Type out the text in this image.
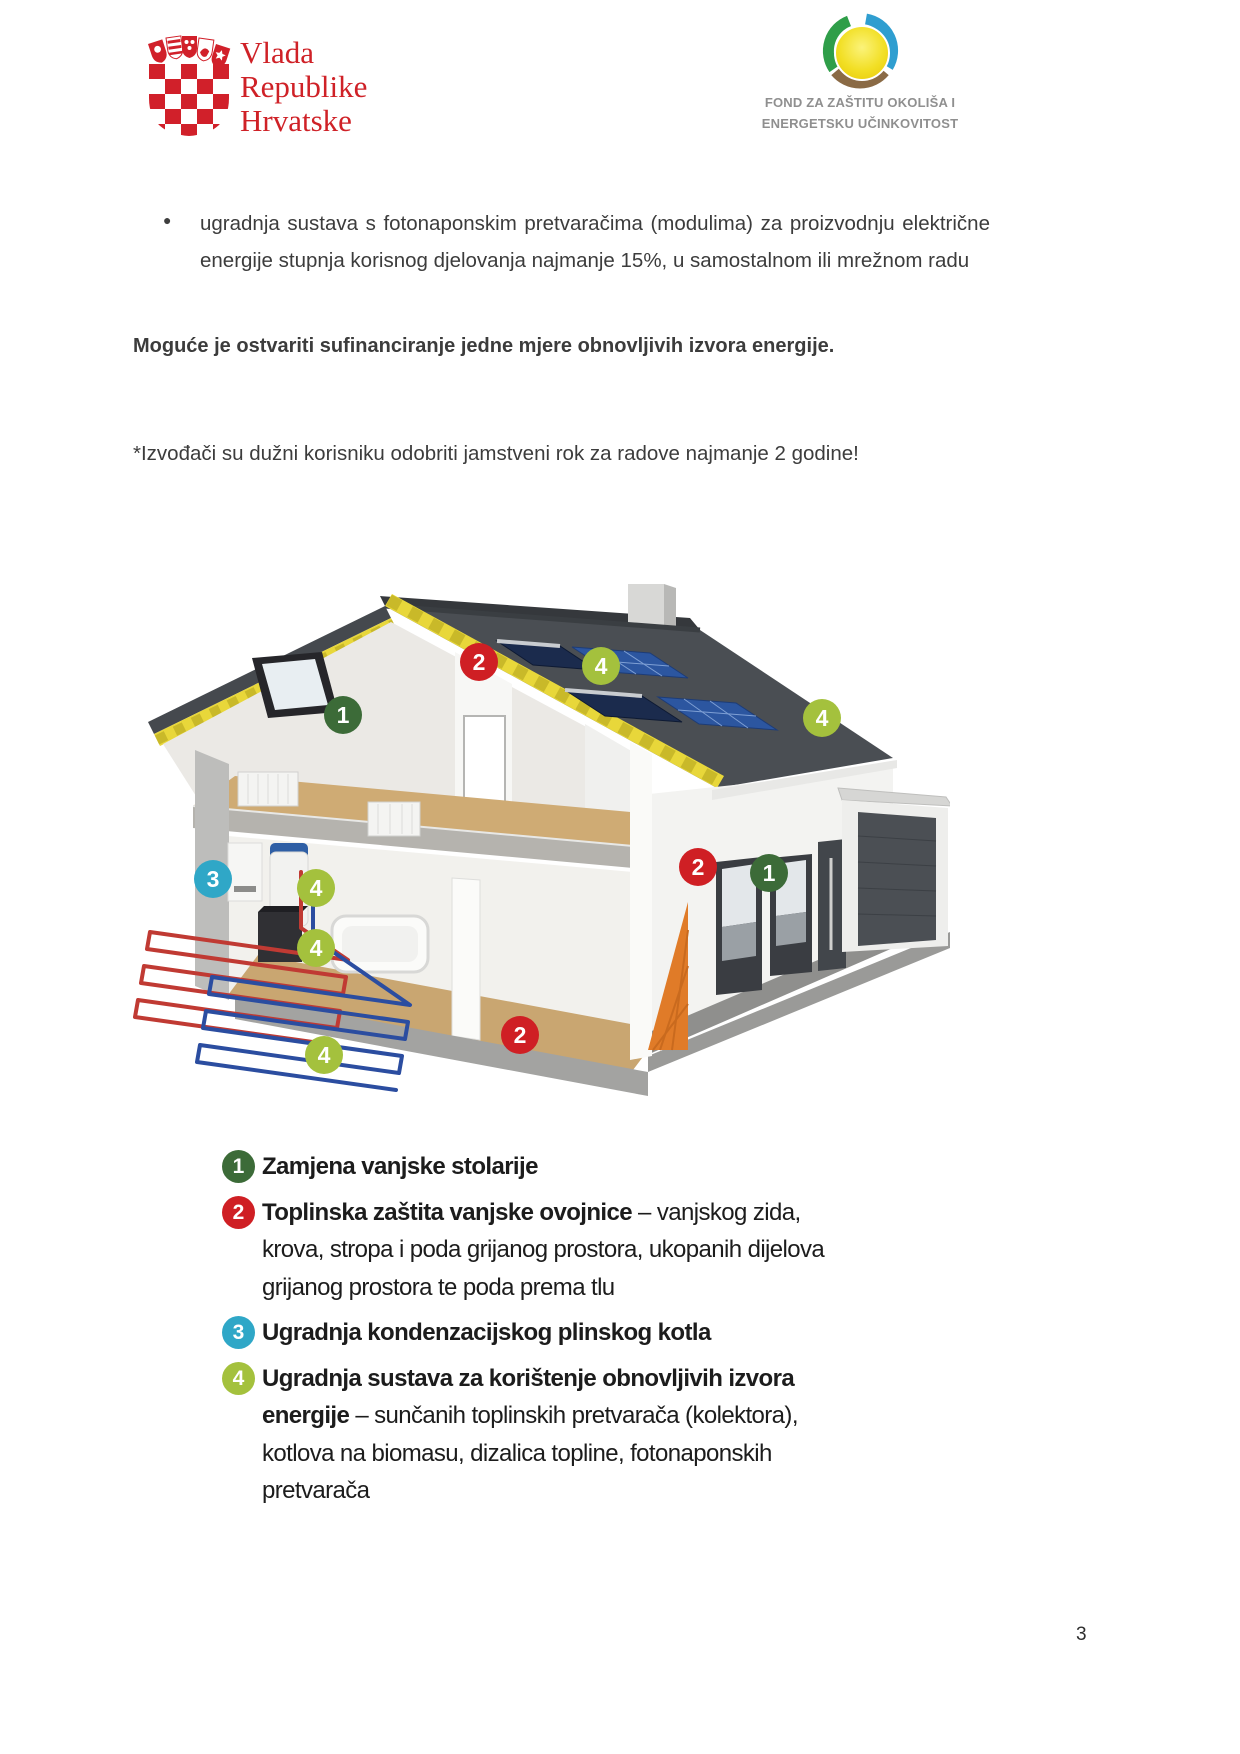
Vlada
Republike
Hrvatske
FOND ZA ZAŠTITU OKOLIŠA I
ENERGETSKU UČINKOVITOST
● ugradnja sustava s fotonaponskim pretvaračima (modulima) za proizvodnju električne energije stupnja korisnog djelovanja najmanje 15%, u samostalnom ili mrežnom radu
Moguće je ostvariti sufinanciranje jedne mjere obnovljivih izvora energije.
*Izvođači su dužni korisniku odobriti jamstveni rok za radove najmanje 2 godine!
2
1
4
4
3	4
4
2	1
2
4
1 Zamjena vanjske stolarije
2 Toplinska zaštita vanjske ovojnice – vanjskog zida, krova, stropa i poda grijanog prostora, ukopanih dijelova grijanog prostora te poda prema tlu
3 Ugradnja kondenzacijskog plinskog kotla
4 Ugradnja sustava za korištenje obnovljivih izvora energije – sunčanih toplinskih pretvarača (kolektora), kotlova na biomasu, dizalica topline, fotonaponskih pretvarača
3
